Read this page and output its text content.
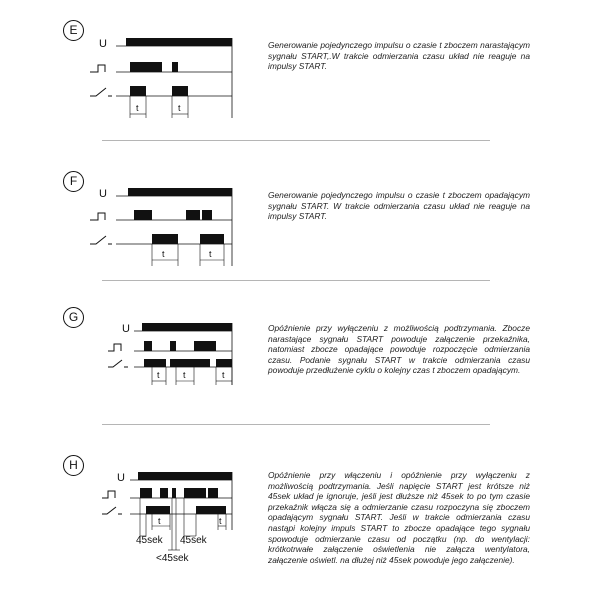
E
U
t	t
Generowanie pojedynczego impulsu o czasie t zboczem narastającym sygnału START,.W trakcie odmierzania czasu układ nie reaguje na impulsy START.
F
U
t	t
Generowanie pojedynczego impulsu o czasie t zboczem opadającym sygnału START. W trakcie odmierzania czasu układ nie reaguje na impulsy START.
G
U
t	t	t
Opóźnienie przy wyłączeniu z możliwością podtrzymania. Zbocze narastające sygnału START powoduje załączenie przekaźnika, natomiast zbocze opadające powoduje rozpoczęcie odmierzania czasu. Podanie sygnału START w trakcie odmierzania czasu powoduje przedłużenie cyklu o kolejny czas t zboczem opadającym.
H
U
t	t
45sek 45sek
<45sek
Opóźnienie przy włączeniu i opóźnienie przy wyłączeniu z możliwością podtrzymania. Jeśli napięcie START jest krótsze niż 45sek układ je ignoruje, jeśli jest dłuższe niż 45sek to po tym czasie przekaźnik włącza się a odmierzanie czasu rozpoczyna się zboczem opadającym sygnału START. Jeśli w trakcie odmierzania czasu nastąpi kolejny impuls START to zbocze opadające tego sygnału spowoduje odmierzanie czasu od początku (np. do wentylacji: krótkotrwałe załączenie oświetlenia nie załącza wentylatora, załączenie oświetl. na dłużej niż 45sek powoduje jego załączenie).
